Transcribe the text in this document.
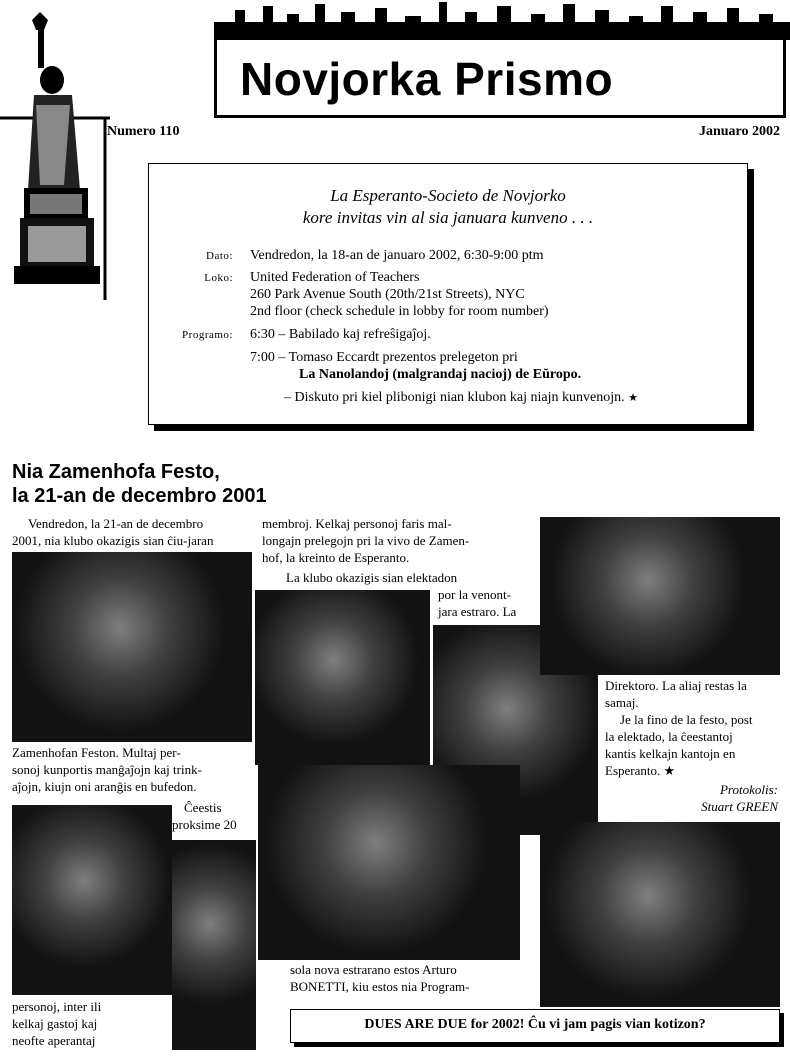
Novjorka Prismo
Numero 110	Januaro 2002
La Esperanto-Societo de Novjorko
kore invitas vin al sia januara kunveno . . .
Dato: Vendredon, la 18-an de januaro 2002, 6:30-9:00 ptm
Loko: United Federation of Teachers
260 Park Avenue South (20th/21st Streets), NYC
2nd floor (check schedule in lobby for room number)
Programo: 6:30 – Babilado kaj refreŝigaĵoj.
7:00 – Tomaso Eccardt prezentos prelegeton pri
La Nanolandoj (malgrandaj nacioj) de Eŭropo.
– Diskuto pri kiel plibonigi nian klubon kaj niajn kunvenojn. ★
Nia Zamenhofa Festo,
la 21-an de decembro 2001
Vendredon, la 21-an de decembro
2001, nia klubo okazigis sian ĉiu-jaran
Zamenhofan Feston. Multaj per-
sonoj kunportis manĝaĵojn kaj trink-
aĵojn, kiujn oni aranĝis en bufedon.
Ĉeestis
proksime 20
personoj, inter ili
kelkaj gastoj kaj
neofte aperantaj
membroj. Kelkaj personoj faris mal-
longajn prelegojn pri la vivo de Zamen-
hof, la kreinto de Esperanto.
La klubo okazigis sian elektadon
por la venont-
jara estraro. La
sola nova estrarano estos Arturo
BONETTI, kiu estos nia Program-
Direktoro. La aliaj restas la
samaj.
Je la fino de la festo, post
la elektado, la ĉeestantoj
kantis kelkajn kantojn en
Esperanto. ★
Protokolis:
Stuart GREEN
DUES ARE DUE for 2002! Ĉu vi jam pagis vian kotizon?
